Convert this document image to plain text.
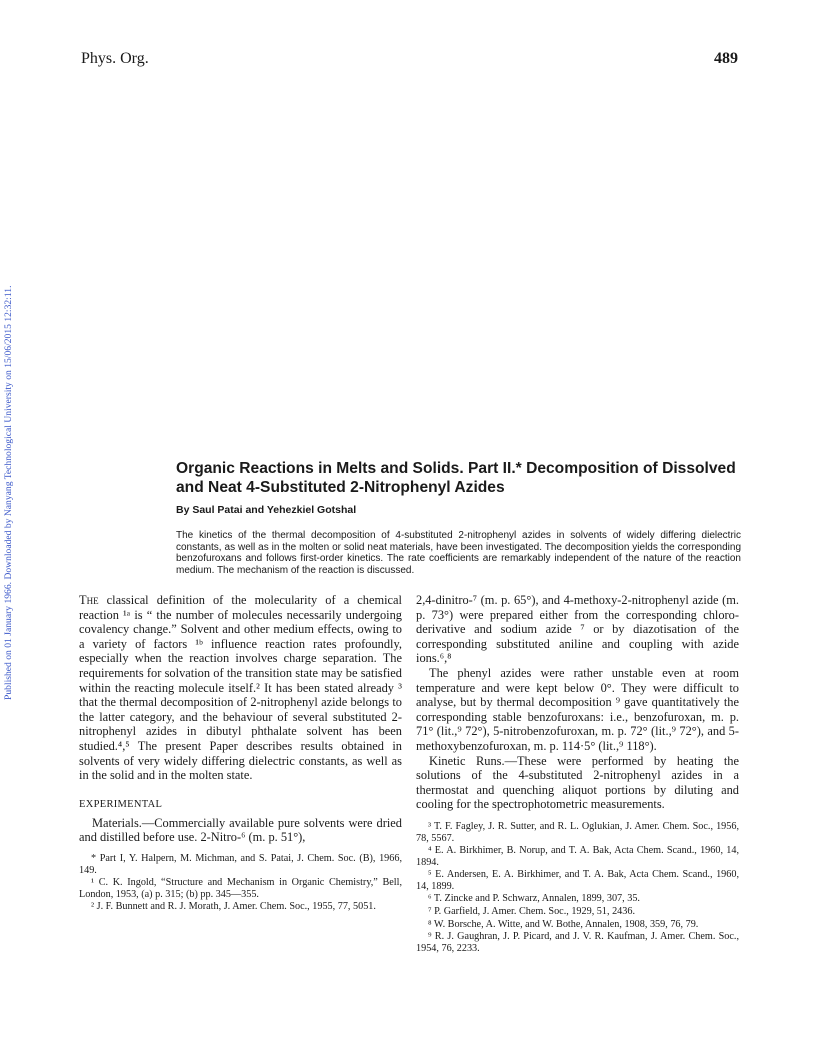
Phys. Org.	489
Published on 01 January 1966. Downloaded by Nanyang Technological University on 15/06/2015 12:32:11.	Organic Reactions in Melts and Solids. Part II.* Decomposition of Dissolved and Neat 4-Substituted 2-Nitrophenyl Azides
By Saul Patai and Yehezkiel Gotshal

The kinetics of the thermal decomposition of 4-substituted 2-nitrophenyl azides in solvents of widely differing dielectric constants, as well as in the molten or solid neat materials, have been investigated. The decomposition yields the corresponding benzofuroxans and follows first-order kinetics. The rate coefficients are remarkably independent of the nature of the reaction medium. The mechanism of the reaction is discussed.

The classical definition of the molecularity of a chemical reaction ¹ᵃ is “ the number of molecules necessarily undergoing covalency change.” Solvent and other medium effects, owing to a variety of factors ¹ᵇ influence reaction rates profoundly, especially when the reaction involves charge separation. The requirements for solvation of the transition state may be satisfied within the reacting molecule itself.² It has been stated already ³ that the thermal decomposition of 2-nitrophenyl azide belongs to the latter category, and the behaviour of several substituted 2-nitrophenyl azides in dibutyl phthalate solvent has been studied.⁴,⁵ The present Paper describes results obtained in solvents of very widely differing dielectric constants, as well as in the solid and in the molten state.

EXPERIMENTAL

Materials.—Commercially available pure solvents were dried and distilled before use. 2-Nitro-⁶ (m. p. 51°),

* Part I, Y. Halpern, M. Michman, and S. Patai, J. Chem. Soc. (B), 1966, 149.
¹ C. K. Ingold, “Structure and Mechanism in Organic Chemistry,” Bell, London, 1953, (a) p. 315; (b) pp. 345—355.
² J. F. Bunnett and R. J. Morath, J. Amer. Chem. Soc., 1955, 77, 5051.

2,4-dinitro-⁷ (m. p. 65°), and 4-methoxy-2-nitrophenyl azide (m. p. 73°) were prepared either from the corresponding chloro-derivative and sodium azide ⁷ or by diazotisation of the corresponding substituted aniline and coupling with azide ions.⁶,⁸

The phenyl azides were rather unstable even at room temperature and were kept below 0°. They were difficult to analyse, but by thermal decomposition ⁹ gave quantitatively the corresponding stable benzofuroxans: i.e., benzofuroxan, m. p. 71° (lit.,⁹ 72°), 5-nitrobenzofuroxan, m. p. 72° (lit.,⁹ 72°), and 5-methoxybenzofuroxan, m. p. 114·5° (lit.,⁹ 118°).

Kinetic Runs.—These were performed by heating the solutions of the 4-substituted 2-nitrophenyl azides in a thermostat and quenching aliquot portions by diluting and cooling for the spectrophotometric measurements.

³ T. F. Fagley, J. R. Sutter, and R. L. Oglukian, J. Amer. Chem. Soc., 1956, 78, 5567.
⁴ E. A. Birkhimer, B. Norup, and T. A. Bak, Acta Chem. Scand., 1960, 14, 1894.
⁵ E. Andersen, E. A. Birkhimer, and T. A. Bak, Acta Chem. Scand., 1960, 14, 1899.
⁶ T. Zincke and P. Schwarz, Annalen, 1899, 307, 35.
⁷ P. Garfield, J. Amer. Chem. Soc., 1929, 51, 2436.
⁸ W. Borsche, A. Witte, and W. Bothe, Annalen, 1908, 359, 76, 79.
⁹ R. J. Gaughran, J. P. Picard, and J. V. R. Kaufman, J. Amer. Chem. Soc., 1954, 76, 2233.
